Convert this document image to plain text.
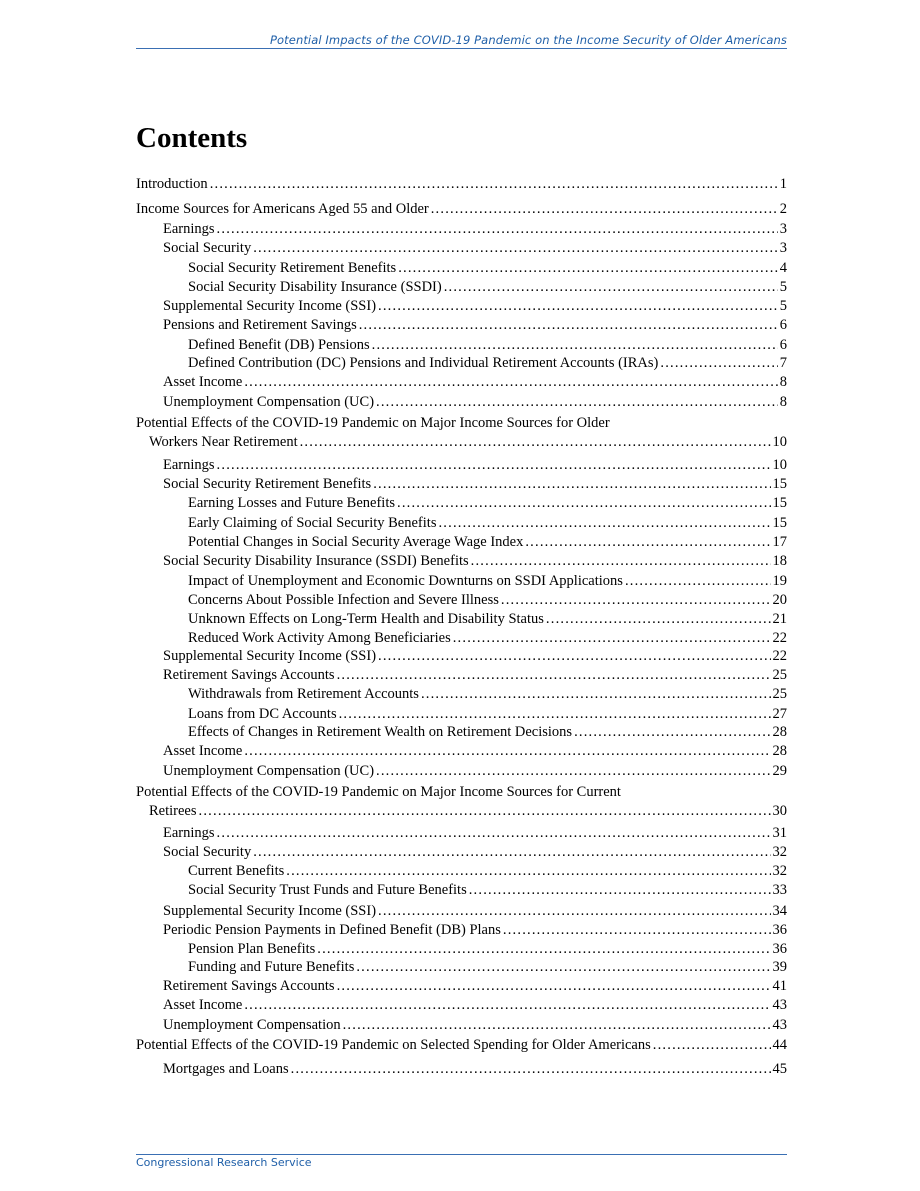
Potential Impacts of the COVID-19 Pandemic on the Income Security of Older Americans
Contents
Introduction .....	1
Income Sources for Americans Aged 55 and Older .....	2
Earnings .....	3
Social Security .....	3
Social Security Retirement Benefits .....	4
Social Security Disability Insurance (SSDI) .....	5
Supplemental Security Income (SSI) .....	5
Pensions and Retirement Savings .....	6
Defined Benefit (DB) Pensions .....	6
Defined Contribution (DC) Pensions and Individual Retirement Accounts (IRAs) .....	7
Asset Income .....	8
Unemployment Compensation (UC) .....	8
Potential Effects of the COVID-19 Pandemic on Major Income Sources for Older
Workers Near Retirement .....	10
Earnings .....	10
Social Security Retirement Benefits .....	15
Earning Losses and Future Benefits .....	15
Early Claiming of Social Security Benefits .....	15
Potential Changes in Social Security Average Wage Index .....	17
Social Security Disability Insurance (SSDI) Benefits .....	18
Impact of Unemployment and Economic Downturns on SSDI Applications .....	19
Concerns About Possible Infection and Severe Illness .....	20
Unknown Effects on Long-Term Health and Disability Status .....	21
Reduced Work Activity Among Beneficiaries .....	22
Supplemental Security Income (SSI) .....	22
Retirement Savings Accounts .....	25
Withdrawals from Retirement Accounts .....	25
Loans from DC Accounts .....	27
Effects of Changes in Retirement Wealth on Retirement Decisions .....	28
Asset Income .....	28
Unemployment Compensation (UC) .....	29
Potential Effects of the COVID-19 Pandemic on Major Income Sources for Current
Retirees .....	30
Earnings .....	31
Social Security .....	32
Current Benefits .....	32
Social Security Trust Funds and Future Benefits .....	33
Supplemental Security Income (SSI) .....	34
Periodic Pension Payments in Defined Benefit (DB) Plans .....	36
Pension Plan Benefits .....	36
Funding and Future Benefits .....	39
Retirement Savings Accounts .....	41
Asset Income .....	43
Unemployment Compensation .....	43
Potential Effects of the COVID-19 Pandemic on Selected Spending for Older Americans .....	44
Mortgages and Loans .....	45
Congressional Research Service
